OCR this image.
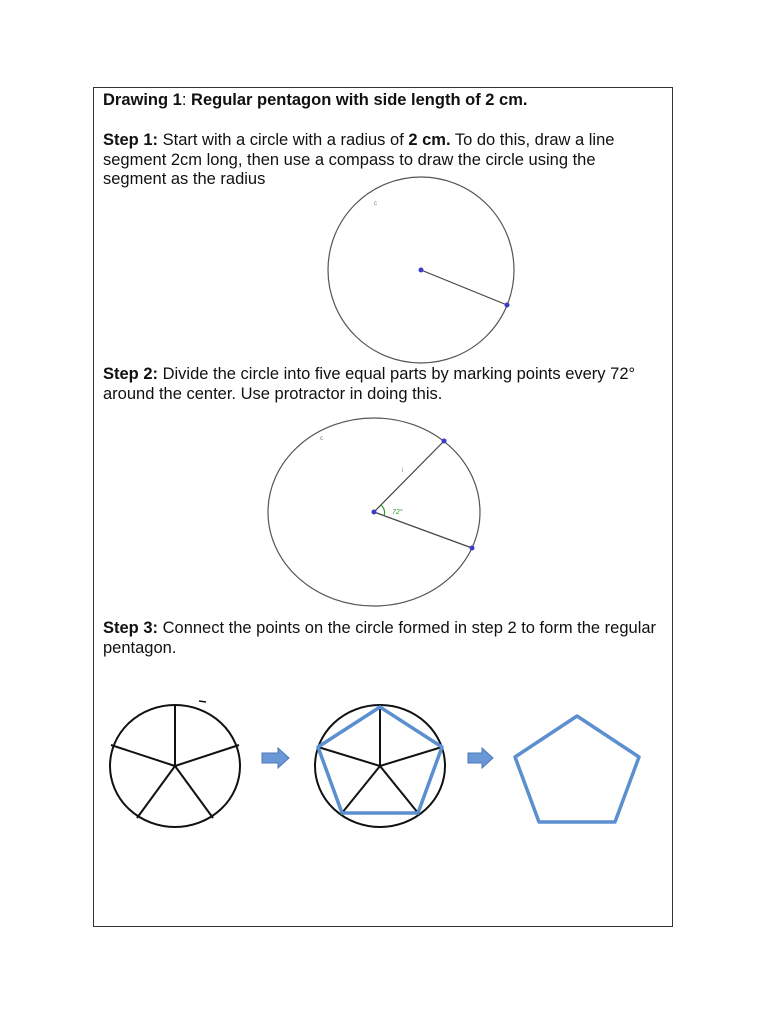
Drawing 1: Regular pentagon with side length of 2 cm.
Step 1: Start with a circle with a radius of 2 cm. To do this, draw a line segment 2cm long, then use a compass to draw the circle using the segment as the radius
Step 2: Divide the circle into five equal parts by marking points every 72° around the center. Use protractor in doing this.
Step 3: Connect the points on the circle formed in step 2 to form the regular pentagon.
c
72°
i
c
